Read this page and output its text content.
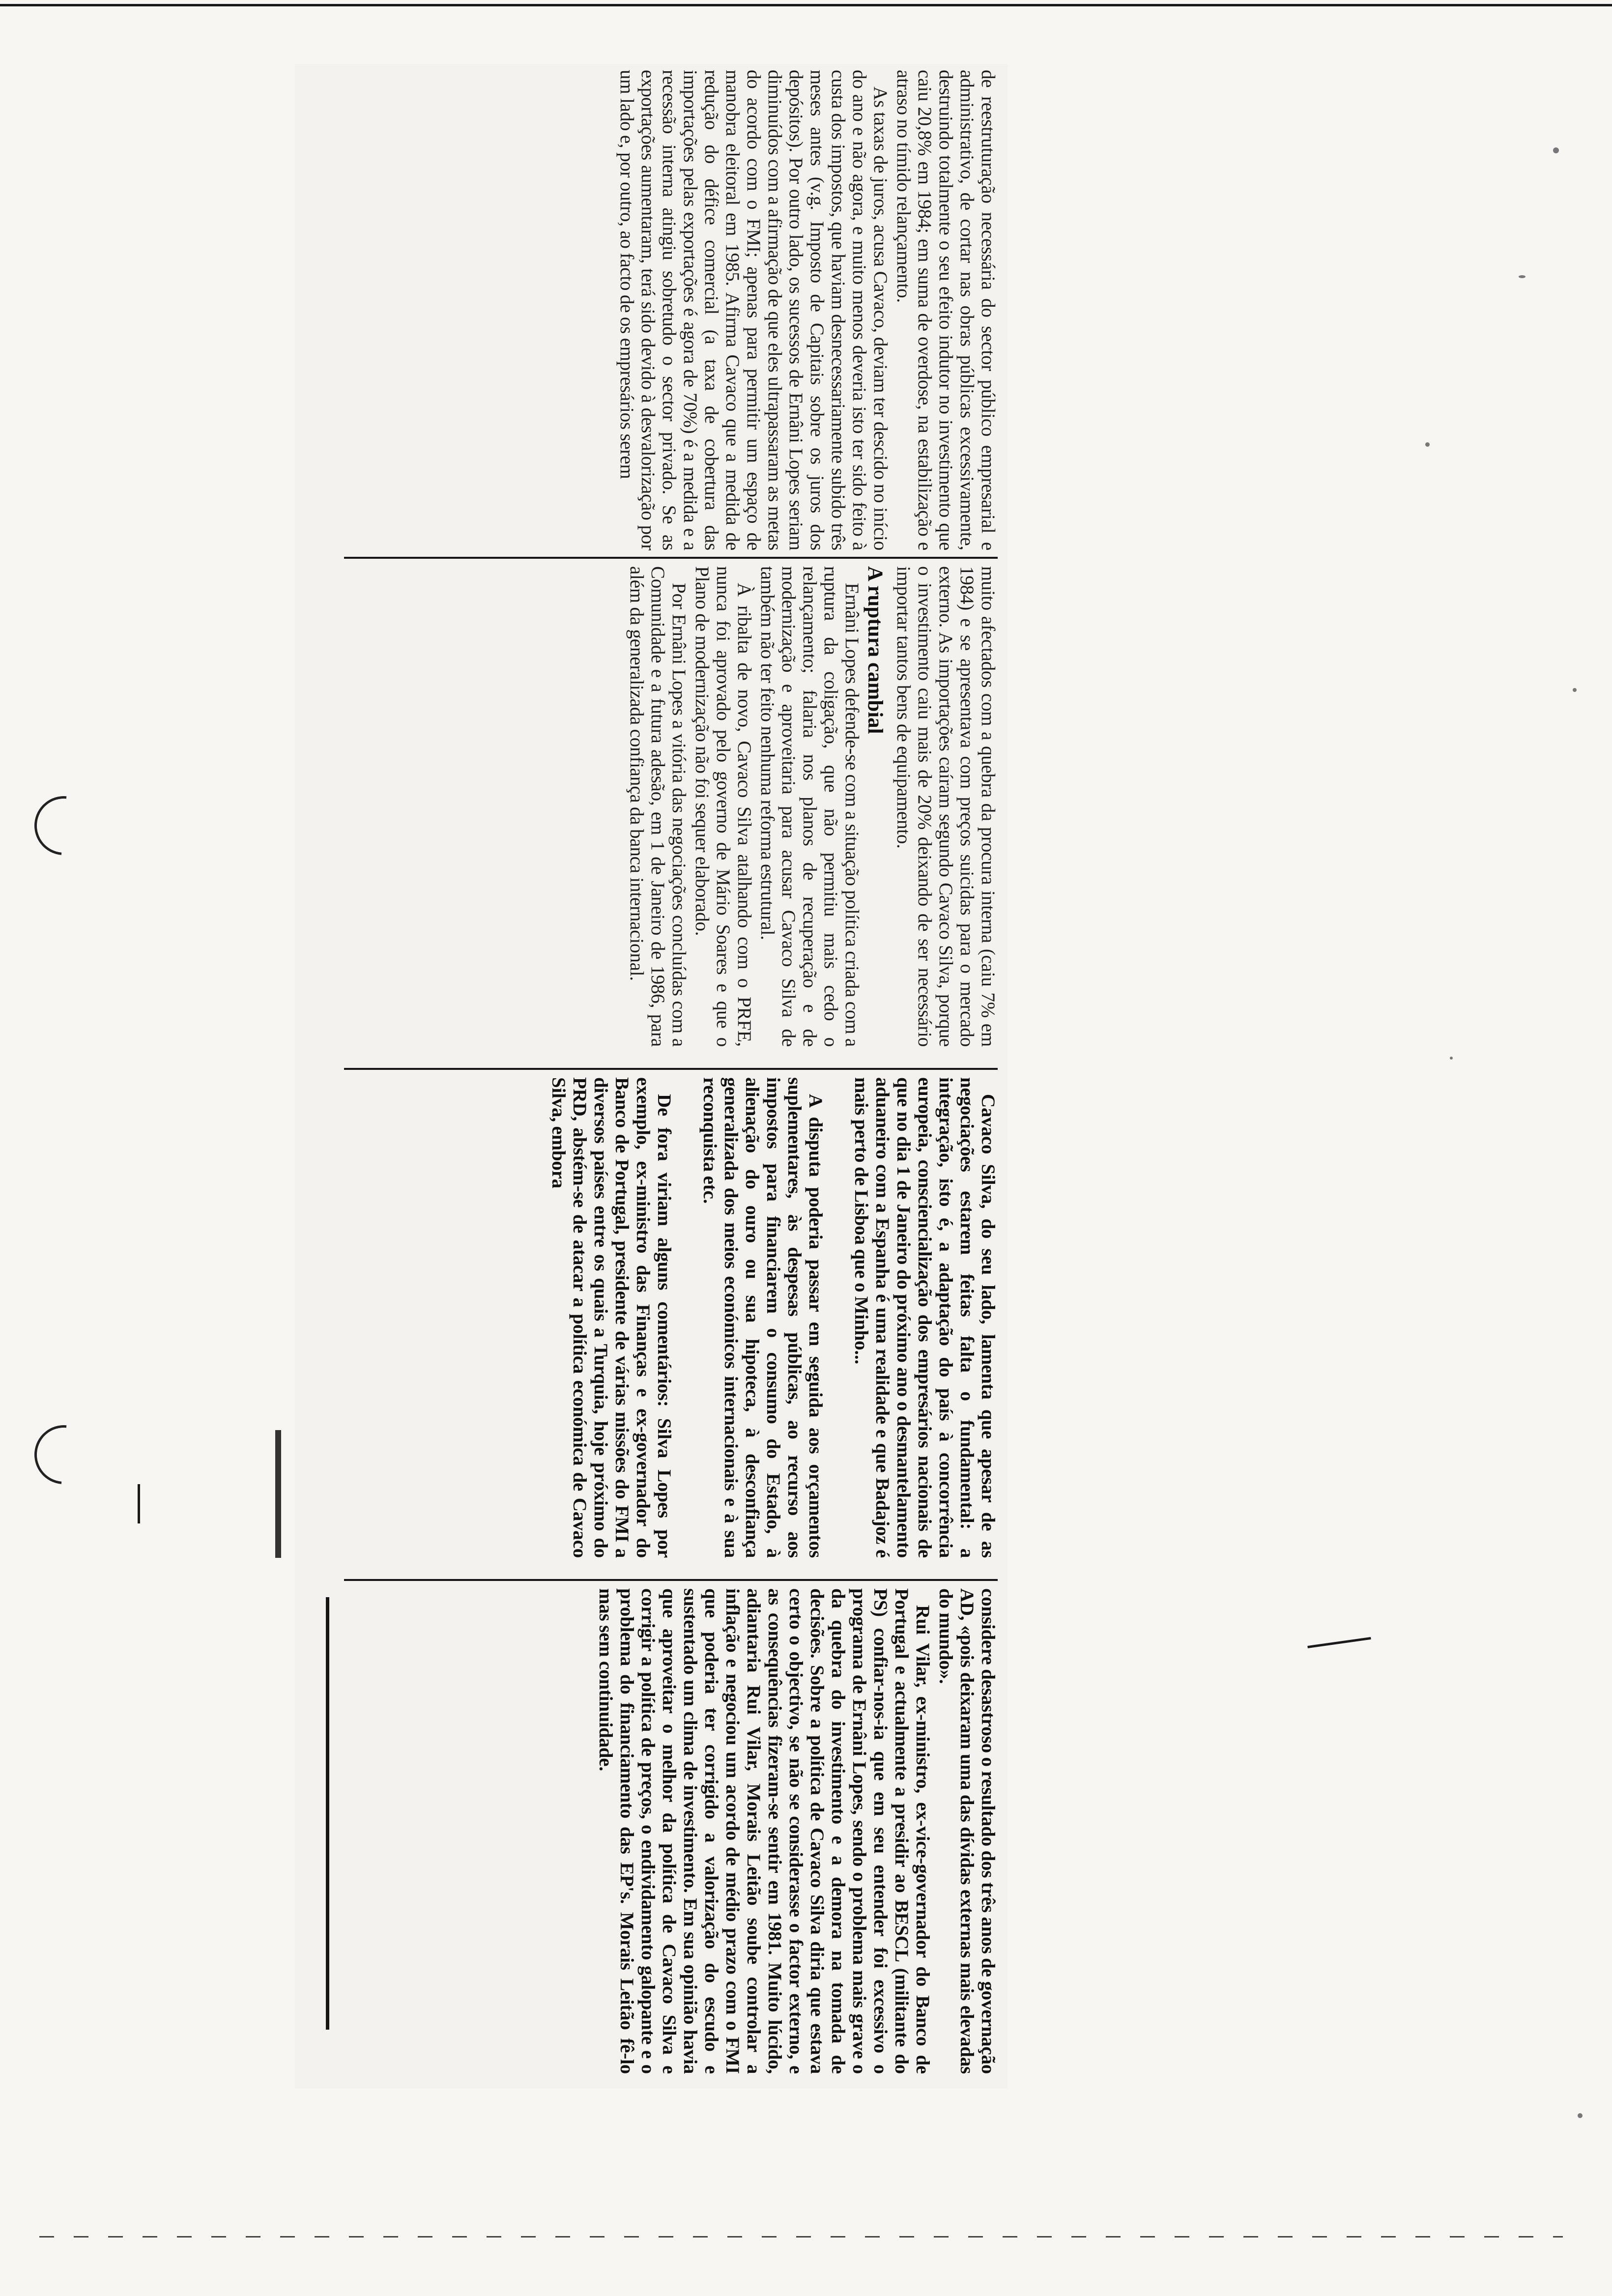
de reestruturação necessária do sector público empresarial e administrativo, de cortar nas obras públicas excessivamente, destruindo totalmente o seu efeito indutor no investimento que caiu 20,8% em 1984; em suma de overdose, na estabilização e atraso no tímido relançamento.

As taxas de juros, acusa Cavaco, deviam ter descido no início do ano e não agora, e muito menos deveria isto ter sido feito à custa dos impostos, que haviam desnecessariamente subido três meses antes (v.g. Imposto de Capitais sobre os juros dos depósitos). Por outro lado, os sucessos de Ernâni Lopes seriam diminuídos com a afirmação de que eles ultrapassaram as metas do acordo com o FMI; apenas para permitir um espaço de manobra eleitoral em 1985. Afirma Cavaco que a medida de redução do défice comercial (a taxa de cobertura das importações pelas exportações é agora de 70%) é a medida e a recessão interna atingiu sobretudo o sector privado. Se as exportações aumentaram, terá sido devido à desvalorização por um lado e, por outro, ao facto de os empresários serem

muito afectados com a quebra da procura interna (caiu 7% em 1984) e se apresentava com preços suicidas para o mercado externo. As importações caíram segundo Cavaco Silva, porque o investimento caiu mais de 20% deixando de ser necessário importar tantos bens de equipamento.

A ruptura cambial

Ernâni Lopes defende-se com a situação política criada com a ruptura da coligação, que não permitiu mais cedo o relançamento; falaria nos planos de recuperação e de modernização e aproveitaria para acusar Cavaco Silva de também não ter feito nenhuma reforma estrutural.

À ribalta de novo, Cavaco Silva atalhando com o PRFE, nunca foi aprovado pelo governo de Mário Soares e que o Plano de modernização não foi sequer elaborado.

Por Ernâni Lopes a vitória das negociações concluídas com a Comunidade e a futura adesão, em 1 de Janeiro de 1986, para além da generalizada confiança da banca internacional.

Cavaco Silva, do seu lado, lamenta que apesar de as negociações estarem feitas falta o fundamental: a integração, isto é, a adaptação do país à concorrência europeia, consciencialização dos empresários nacionais de que no dia 1 de Janeiro do próximo ano o desmantelamento aduaneiro com a Espanha é uma realidade e que Badajoz é mais perto de Lisboa que o Minho...

A disputa poderia passar em seguida aos orçamentos suplementares, às despesas públicas, ao recurso aos impostos para financiarem o consumo do Estado, à alienação do ouro ou sua hipoteca, à desconfiança generalizada dos meios económicos internacionais e à sua reconquista etc.

De fora viriam alguns comentários: Silva Lopes por exemplo, ex-ministro das Finanças e ex-governador do Banco de Portugal, presidente de várias missões do FMI a diversos países entre os quais a Turquia, hoje próximo do PRD, abstém-se de atacar a política económica de Cavaco Silva, embora

considere desastroso o resultado dos três anos de governação AD, «pois deixaram uma das dívidas externas mais elevadas do mundo».

Rui Vilar, ex-ministro, ex-vice-governador do Banco de Portugal e actualmente a presidir ao BESCL (militante do PS) confiar-nos-ia que em seu entender foi excessivo o programa de Ernâni Lopes, sendo o problema mais grave o da quebra do investimento e a demora na tomada de decisões. Sobre a política de Cavaco Silva diria que estava certo o objectivo, se não se considerasse o factor externo, e as consequências fizeram-se sentir em 1981. Muito lúcido, adiantaria Rui Vilar, Morais Leitão soube controlar a inflação e negociou um acordo de médio prazo com o FMI que poderia ter corrigido a valorização do escudo e sustentado um clima de investimento. Em sua opinião havia que aproveitar o melhor da política de Cavaco Silva e corrigir a política de preços, o endividamento galopante e o problema do financiamento das EP's. Morais Leitão fê-lo mas sem continuidade.
